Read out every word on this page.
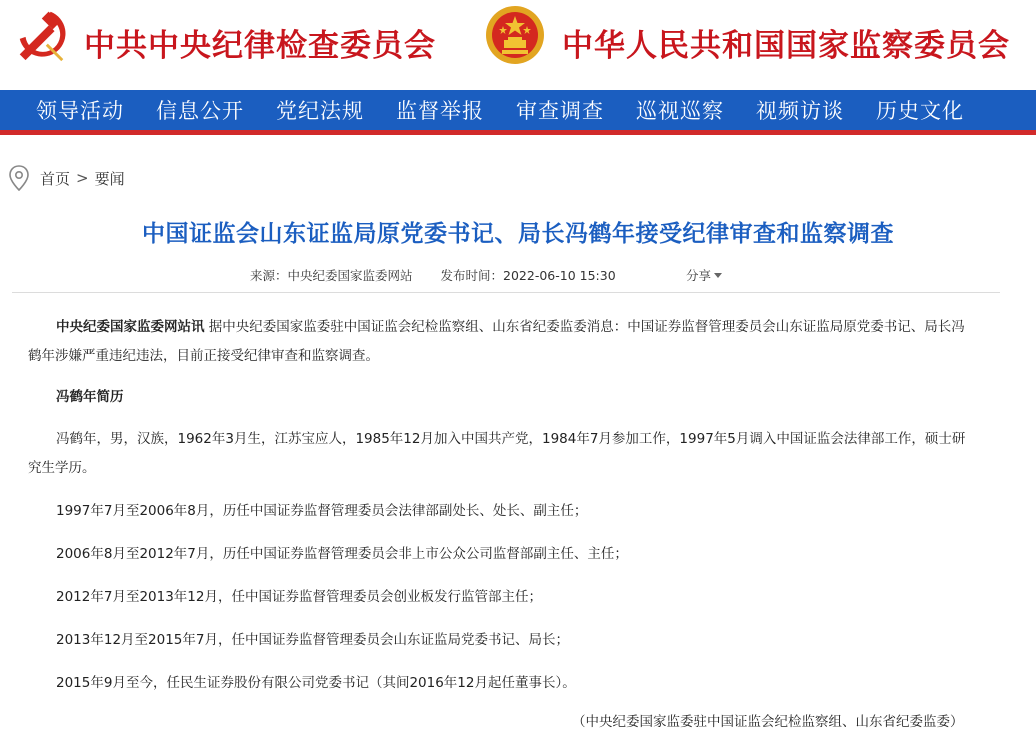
中共中央纪律检查委员会	中华人民共和国国家监察委员会
领导活动 信息公开 党纪法规 监督举报 审查调查 巡视巡察 视频访谈 历史文化
首页 > 要闻
中国证监会山东证监局原党委书记、局长冯鹤年接受纪律审查和监察调查
来源：中央纪委国家监委网站 发布时间：2022-06-10 15:30	分享
中央纪委国家监委网站讯 据中央纪委国家监委驻中国证监会纪检监察组、山东省纪委监委消息：中国证券监督管理委员会山东证监局原党委书记、局长冯鹤年涉嫌严重违纪违法，目前正接受纪律审查和监察调查。
冯鹤年简历
冯鹤年，男，汉族，1962年3月生，江苏宝应人，1985年12月加入中国共产党，1984年7月参加工作，1997年5月调入中国证监会法律部工作，硕士研究生学历。
1997年7月至2006年8月，历任中国证券监督管理委员会法律部副处长、处长、副主任；
2006年8月至2012年7月，历任中国证券监督管理委员会非上市公众公司监督部副主任、主任；
2012年7月至2013年12月，任中国证券监督管理委员会创业板发行监管部主任；
2013年12月至2015年7月，任中国证券监督管理委员会山东证监局党委书记、局长；
2015年9月至今，任民生证券股份有限公司党委书记（其间2016年12月起任董事长）。
（中央纪委国家监委驻中国证监会纪检监察组、山东省纪委监委）
